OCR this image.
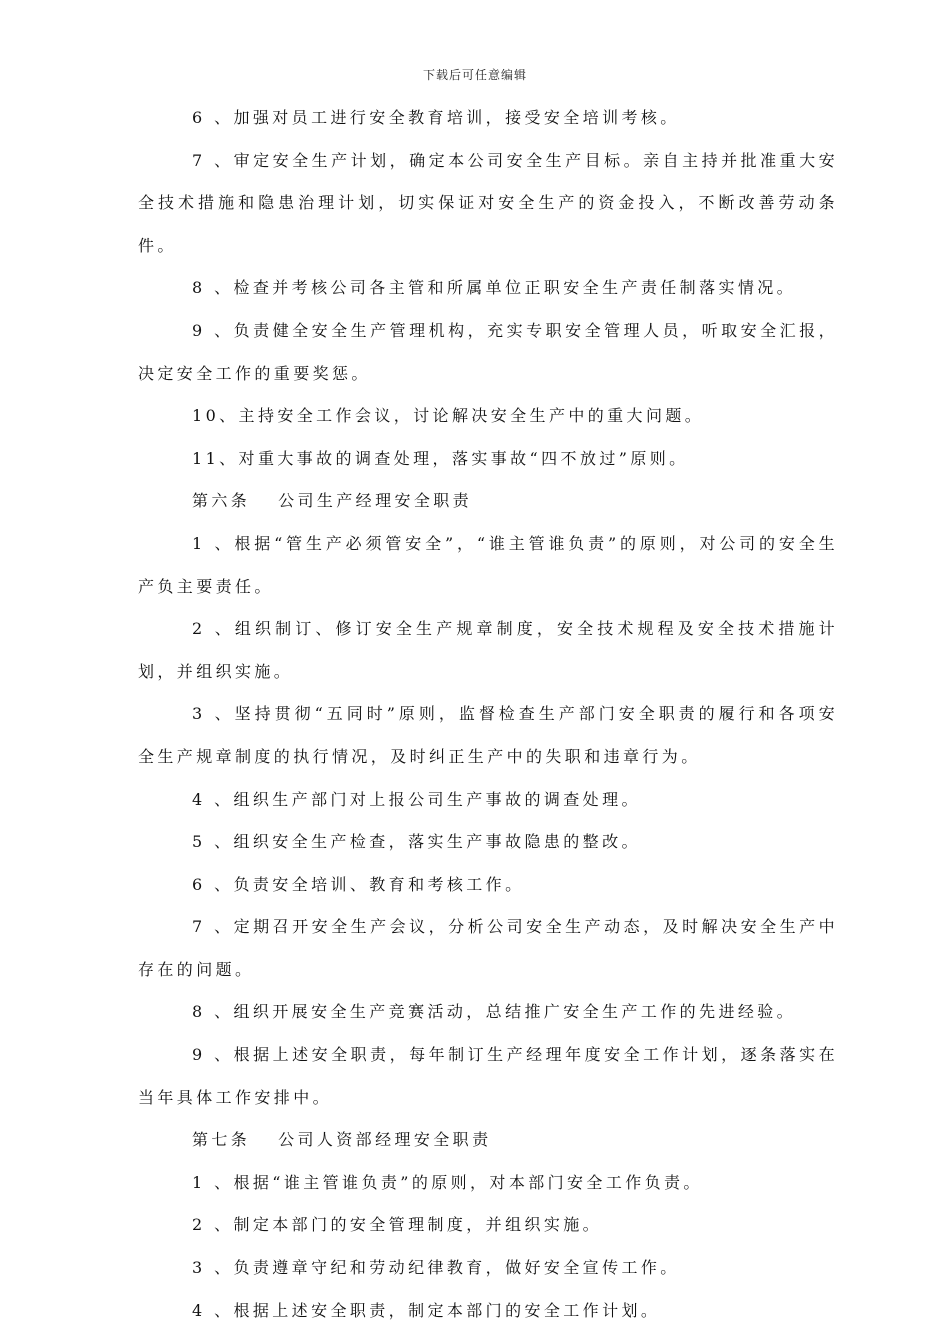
下载后可任意编辑

6 、加强对员工进行安全教育培训，接受安全培训考核。

7 、审定安全生产计划，确定本公司安全生产目标。亲自主持并批准重大安全技术措施和隐患治理计划，切实保证对安全生产的资金投入，不断改善劳动条件。

8 、检查并考核公司各主管和所属单位正职安全生产责任制落实情况。

9 、负责健全安全生产管理机构，充实专职安全管理人员，听取安全汇报，决定安全工作的重要奖惩。

10、主持安全工作会议，讨论解决安全生产中的重大问题。

11、对重大事故的调查处理，落实事故“四不放过”原则。

第六条　 公司生产经理安全职责

1 、根据“管生产必须管安全”，“谁主管谁负责”的原则，对公司的安全生产负主要责任。

2 、组织制订、修订安全生产规章制度，安全技术规程及安全技术措施计划，并组织实施。

3 、坚持贯彻“五同时”原则，监督检查生产部门安全职责的履行和各项安全生产规章制度的执行情况，及时纠正生产中的失职和违章行为。

4 、组织生产部门对上报公司生产事故的调查处理。

5 、组织安全生产检查，落实生产事故隐患的整改。

6 、负责安全培训、教育和考核工作。

7 、定期召开安全生产会议，分析公司安全生产动态，及时解决安全生产中存在的问题。

8 、组织开展安全生产竞赛活动，总结推广安全生产工作的先进经验。

9 、根据上述安全职责，每年制订生产经理年度安全工作计划，逐条落实在当年具体工作安排中。

第七条　 公司人资部经理安全职责

1 、根据“谁主管谁负责”的原则，对本部门安全工作负责。

2 、制定本部门的安全管理制度，并组织实施。

3 、负责遵章守纪和劳动纪律教育，做好安全宣传工作。

4 、根据上述安全职责，制定本部门的安全工作计划。
